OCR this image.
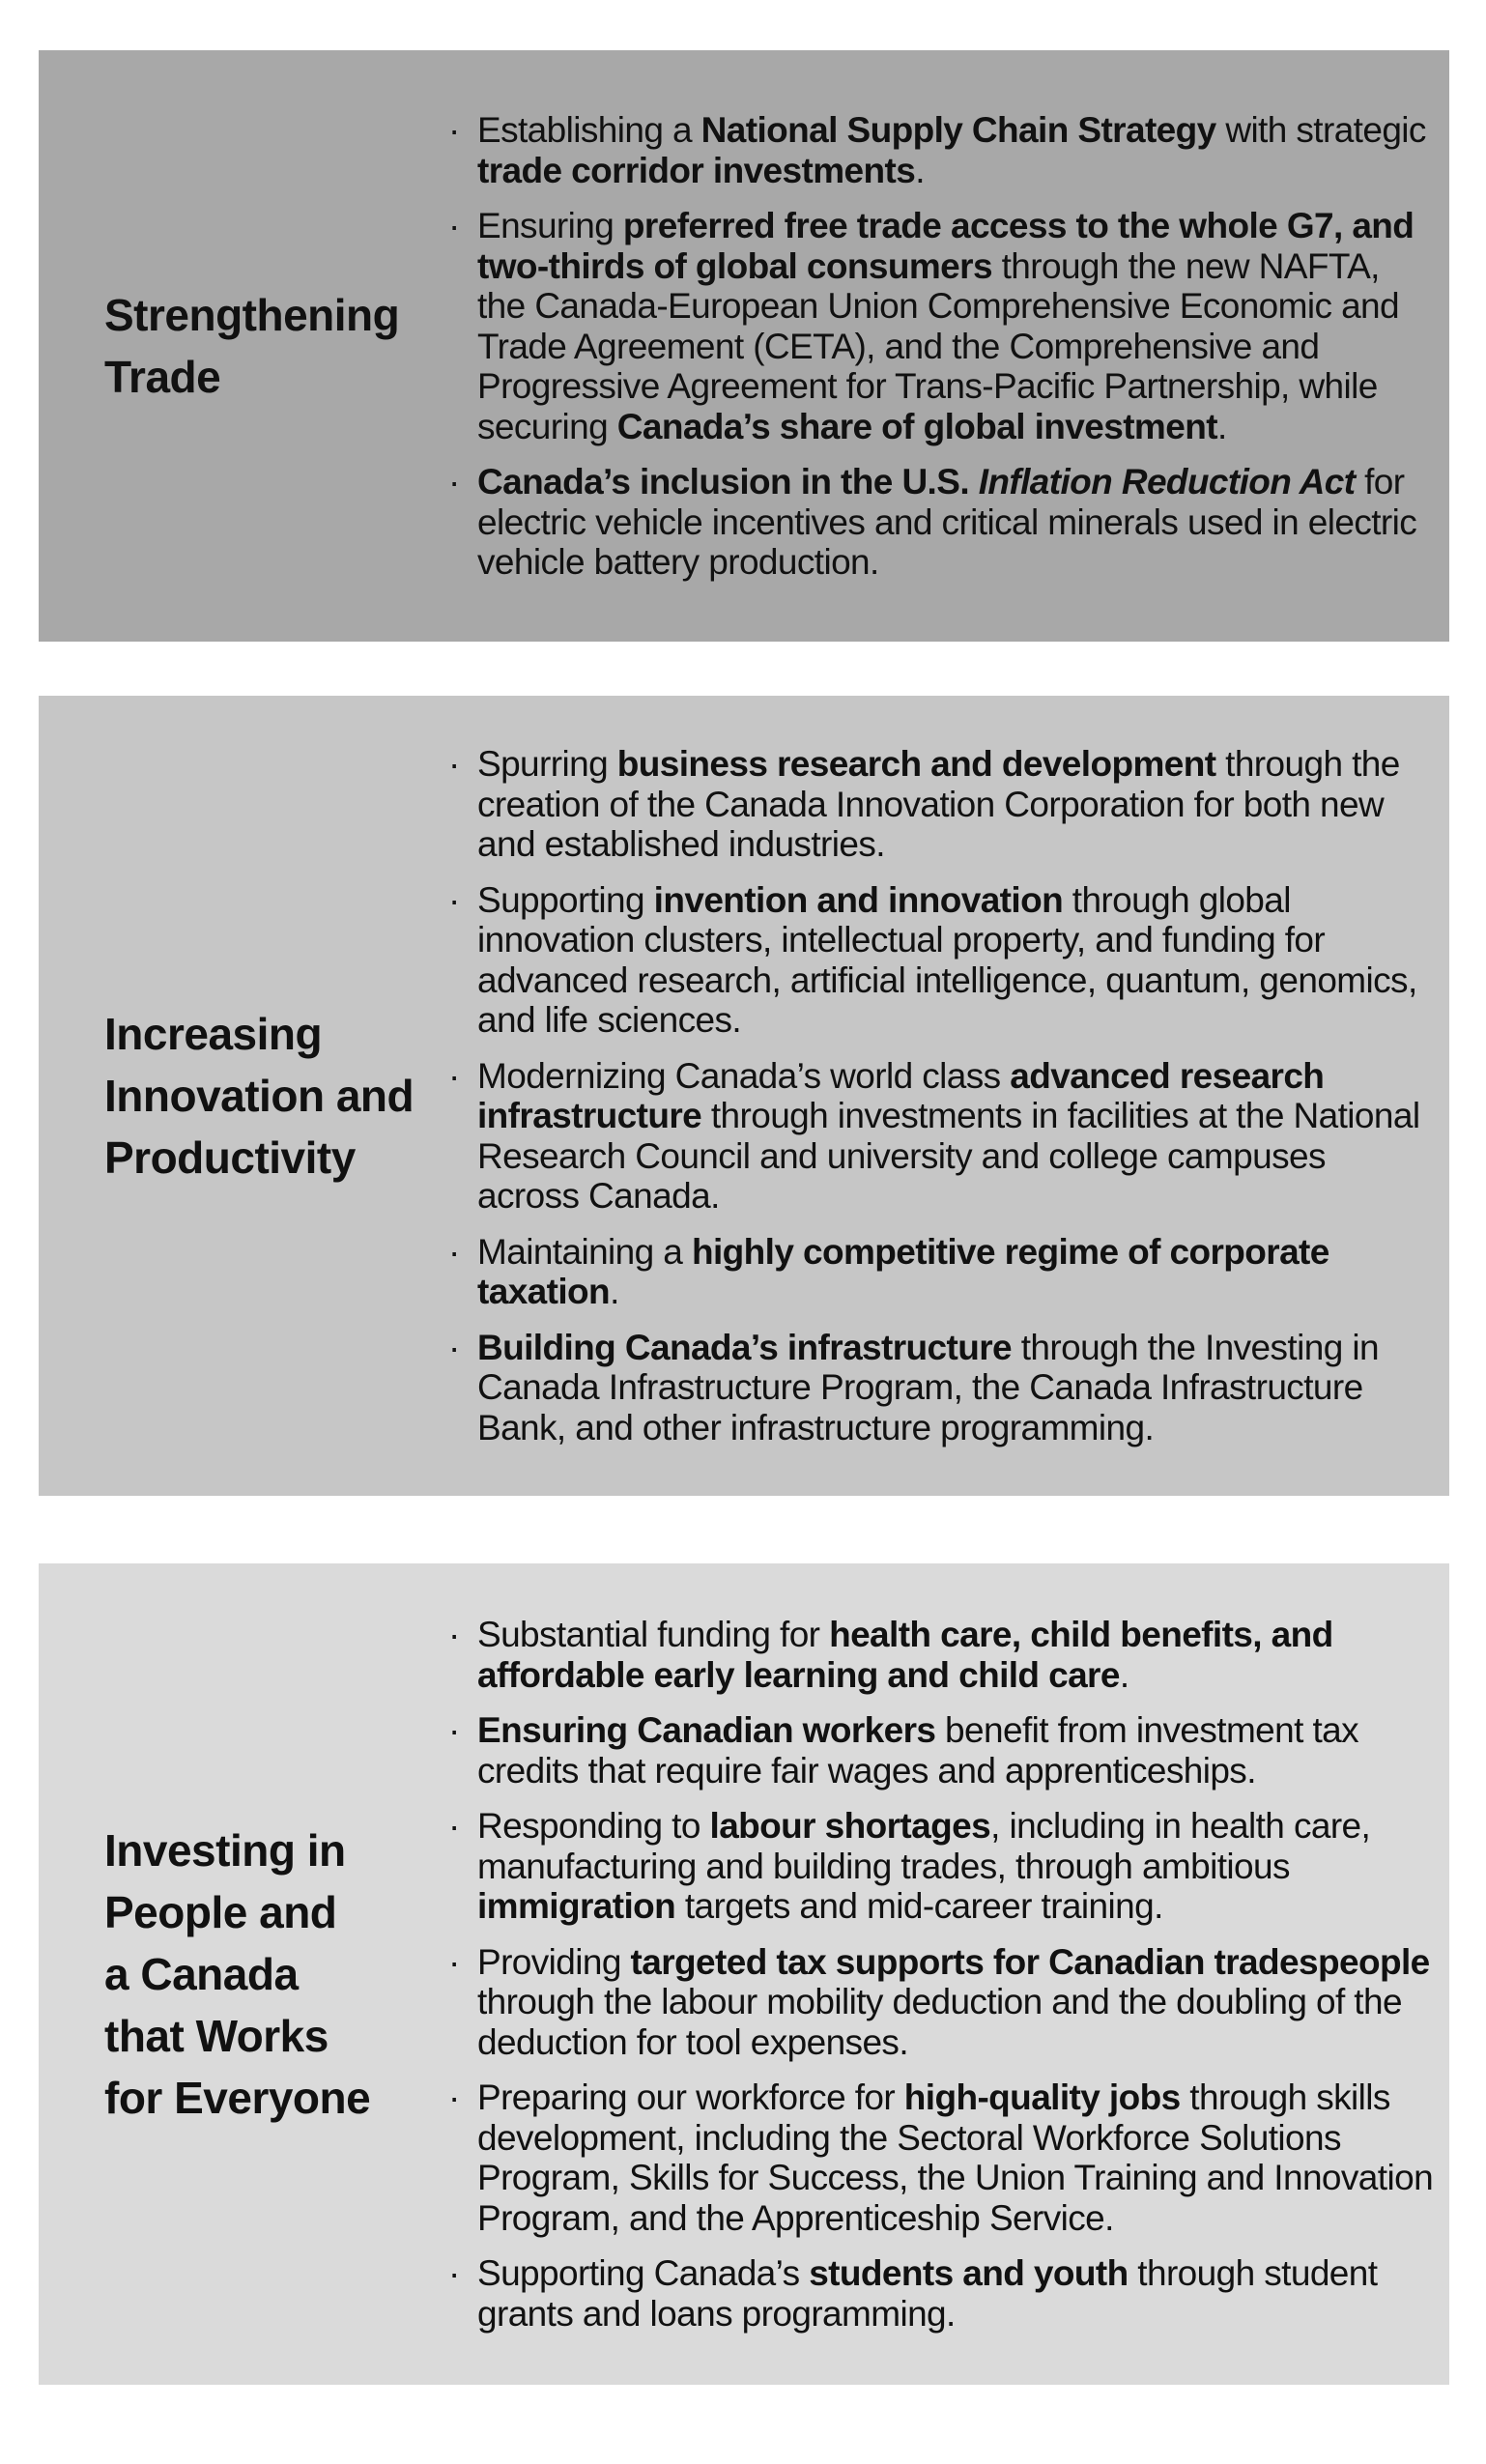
Strengthening
Trade
· Establishing a National Supply Chain Strategy with strategic trade corridor investments.
· Ensuring preferred free trade access to the whole G7, and two-thirds of global consumers through the new NAFTA, the Canada-European Union Comprehensive Economic and Trade Agreement (CETA), and the Comprehensive and Progressive Agreement for Trans-Pacific Partnership, while securing Canada’s share of global investment.
· Canada’s inclusion in the U.S. Inflation Reduction Act for electric vehicle incentives and critical minerals used in electric vehicle battery production.
Increasing
Innovation and
Productivity
· Spurring business research and development through the creation of the Canada Innovation Corporation for both new and established industries.
· Supporting invention and innovation through global innovation clusters, intellectual property, and funding for advanced research, artificial intelligence, quantum, genomics, and life sciences.
· Modernizing Canada’s world class advanced research infrastructure through investments in facilities at the National Research Council and university and college campuses across Canada.
· Maintaining a highly competitive regime of corporate taxation.
· Building Canada’s infrastructure through the Investing in Canada Infrastructure Program, the Canada Infrastructure Bank, and other infrastructure programming.
Investing in
People and
a Canada
that Works
for Everyone
· Substantial funding for health care, child benefits, and affordable early learning and child care.
· Ensuring Canadian workers benefit from investment tax credits that require fair wages and apprenticeships.
· Responding to labour shortages, including in health care, manufacturing and building trades, through ambitious immigration targets and mid-career training.
· Providing targeted tax supports for Canadian tradespeople through the labour mobility deduction and the doubling of the deduction for tool expenses.
· Preparing our workforce for high-quality jobs through skills development, including the Sectoral Workforce Solutions Program, Skills for Success, the Union Training and Innovation Program, and the Apprenticeship Service.
· Supporting Canada’s students and youth through student grants and loans programming.
